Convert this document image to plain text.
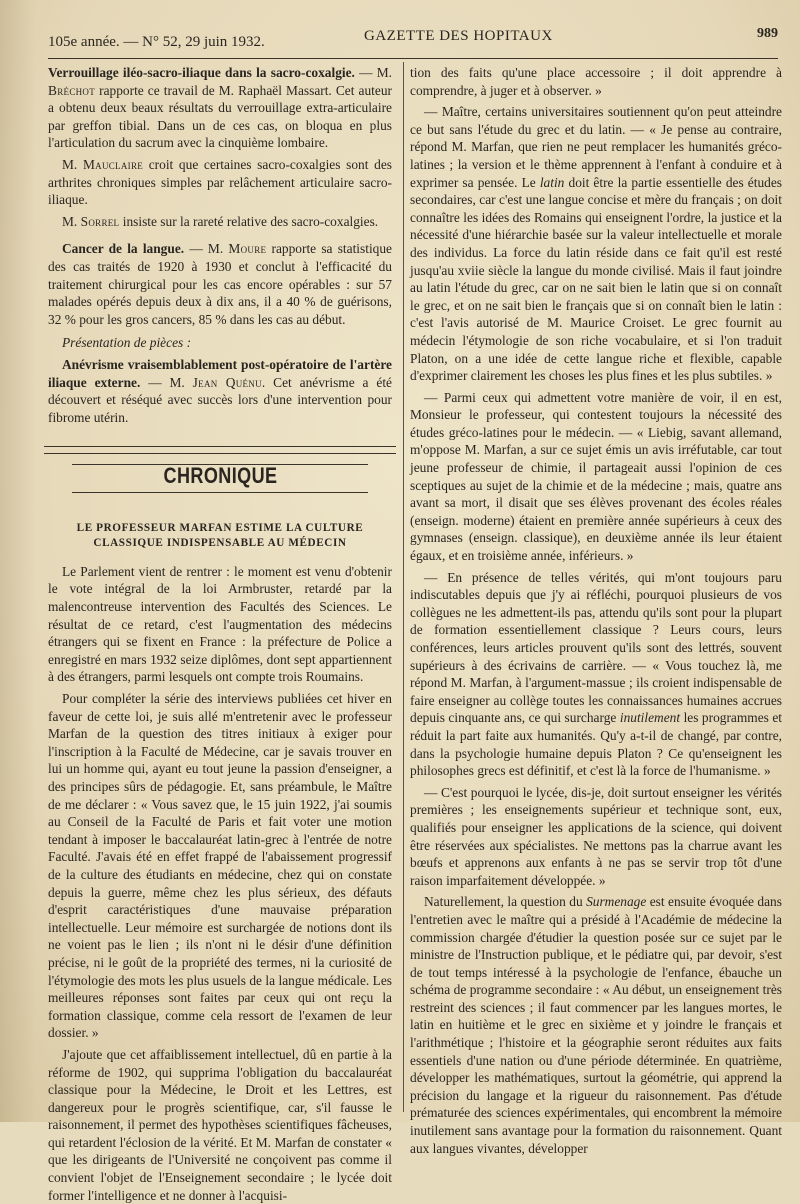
105e année. — N° 52, 29 juin 1932.	GAZETTE DES HOPITAUX	989

Verrouillage iléo-sacro-iliaque dans la sacro-coxalgie. — M. Bréchot rapporte ce travail de M. Raphaël Massart. Cet auteur a obtenu deux beaux résultats du verrouillage extra-articulaire par greffon tibial. Dans un de ces cas, on bloqua en plus l'articulation du sacrum avec la cinquième lombaire.

M. Mauclaire croit que certaines sacro-coxalgies sont des arthrites chroniques simples par relâchement articulaire sacro-iliaque.

M. Sorrel insiste sur la rareté relative des sacro-coxalgies.

Cancer de la langue. — M. Moure rapporte sa statistique des cas traités de 1920 à 1930 et conclut à l'efficacité du traitement chirurgical pour les cas encore opérables : sur 57 malades opérés depuis deux à dix ans, il a 40 % de guérisons, 32 % pour les gros cancers, 85 % dans les cas au début.

Présentation de pièces :

Anévrisme vraisemblablement post-opératoire de l'artère iliaque externe. — M. Jean Quénu. Cet anévrisme a été découvert et réséqué avec succès lors d'une intervention pour fibrome utérin.

CHRONIQUE
LE PROFESSEUR MARFAN ESTIME LA CULTURE CLASSIQUE INDISPENSABLE AU MÉDECIN

Le Parlement vient de rentrer : le moment est venu d'obtenir le vote intégral de la loi Armbruster, retardé par la malencontreuse intervention des Facultés des Sciences. Le résultat de ce retard, c'est l'augmentation des médecins étrangers qui se fixent en France : la préfecture de Police a enregistré en mars 1932 seize diplômes, dont sept appartiennent à des étrangers, parmi lesquels ont compte trois Roumains.

Pour compléter la série des interviews publiées cet hiver en faveur de cette loi, je suis allé m'entretenir avec le professeur Marfan de la question des titres initiaux à exiger pour l'inscription à la Faculté de Médecine, car je savais trouver en lui un homme qui, ayant eu tout jeune la passion d'enseigner, a des principes sûrs de pédagogie. Et, sans préambule, le Maître de me déclarer : « Vous savez que, le 15 juin 1922, j'ai soumis au Conseil de la Faculté de Paris et fait voter une motion tendant à imposer le baccalauréat latin-grec à l'entrée de notre Faculté. J'avais été en effet frappé de l'abaissement progressif de la culture des étudiants en médecine, chez qui on constate depuis la guerre, même chez les plus sérieux, des défauts d'esprit caractéristiques d'une mauvaise préparation intellectuelle. Leur mémoire est surchargée de notions dont ils ne voient pas le lien ; ils n'ont ni le désir d'une définition précise, ni le goût de la propriété des termes, ni la curiosité de l'étymologie des mots les plus usuels de la langue médicale. Les meilleures réponses sont faites par ceux qui ont reçu la formation classique, comme cela ressort de l'examen de leur dossier. »

J'ajoute que cet affaiblissement intellectuel, dû en partie à la réforme de 1902, qui supprima l'obligation du baccalauréat classique pour la Médecine, le Droit et les Lettres, est dangereux pour le progrès scientifique, car, s'il fausse le raisonnement, il permet des hypothèses scientifiques fâcheuses, qui retardent l'éclosion de la vérité. Et M. Marfan de constater « que les dirigeants de l'Université ne conçoivent pas comme il convient l'objet de l'Enseignement secondaire ; le lycée doit former l'intelligence et ne donner à l'acquisi-

tion des faits qu'une place accessoire ; il doit apprendre à comprendre, à juger et à observer. »

— Maître, certains universitaires soutiennent qu'on peut atteindre ce but sans l'étude du grec et du latin. — « Je pense au contraire, répond M. Marfan, que rien ne peut remplacer les humanités gréco-latines ; la version et le thème apprennent à l'enfant à conduire et à exprimer sa pensée. Le latin doit être la partie essentielle des études secondaires, car c'est une langue concise et mère du français ; on doit connaître les idées des Romains qui enseignent l'ordre, la justice et la nécessité d'une hiérarchie basée sur la valeur intellectuelle et morale des individus. La force du latin réside dans ce fait qu'il est resté jusqu'au xviie siècle la langue du monde civilisé. Mais il faut joindre au latin l'étude du grec, car on ne sait bien le latin que si on connaît le grec, et on ne sait bien le français que si on connaît bien le latin : c'est l'avis autorisé de M. Maurice Croiset. Le grec fournit au médecin l'étymologie de son riche vocabulaire, et si l'on traduit Platon, on a une idée de cette langue riche et flexible, capable d'exprimer clairement les choses les plus fines et les plus subtiles. »

— Parmi ceux qui admettent votre manière de voir, il en est, Monsieur le professeur, qui contestent toujours la nécessité des études gréco-latines pour le médecin. — « Liebig, savant allemand, m'oppose M. Marfan, a sur ce sujet émis un avis irréfutable, car tout jeune professeur de chimie, il partageait aussi l'opinion de ces sceptiques au sujet de la chimie et de la médecine ; mais, quatre ans avant sa mort, il disait que ses élèves provenant des écoles réales (enseign. moderne) étaient en première année supérieurs à ceux des gymnases (enseign. classique), en deuxième année ils leur étaient égaux, et en troisième année, inférieurs. »

— En présence de telles vérités, qui m'ont toujours paru indiscutables depuis que j'y ai réfléchi, pourquoi plusieurs de vos collègues ne les admettent-ils pas, attendu qu'ils sont pour la plupart de formation essentiellement classique ? Leurs cours, leurs conférences, leurs articles prouvent qu'ils sont des lettrés, souvent supérieurs à des écrivains de carrière. — « Vous touchez là, me répond M. Marfan, à l'argument-massue ; ils croient indispensable de faire enseigner au collège toutes les connaissances humaines accrues depuis cinquante ans, ce qui surcharge inutilement les programmes et réduit la part faite aux humanités. Qu'y a-t-il de changé, par contre, dans la psychologie humaine depuis Platon ? Ce qu'enseignent les philosophes grecs est définitif, et c'est là la force de l'humanisme. »

— C'est pourquoi le lycée, dis-je, doit surtout enseigner les vérités premières ; les enseignements supérieur et technique sont, eux, qualifiés pour enseigner les applications de la science, qui doivent être réservées aux spécialistes. Ne mettons pas la charrue avant les bœufs et apprenons aux enfants à ne pas se servir trop tôt d'une raison imparfaitement développée. »

Naturellement, la question du Surmenage est ensuite évoquée dans l'entretien avec le maître qui a présidé à l'Académie de médecine la commission chargée d'étudier la question posée sur ce sujet par le ministre de l'Instruction publique, et le pédiatre qui, par devoir, s'est de tout temps intéressé à la psychologie de l'enfance, ébauche un schéma de programme secondaire : « Au début, un enseignement très restreint des sciences ; il faut commencer par les langues mortes, le latin en huitième et le grec en sixième et y joindre le français et l'arithmétique ; l'histoire et la géographie seront réduites aux faits essentiels d'une nation ou d'une période déterminée. En quatrième, développer les mathématiques, surtout la géométrie, qui apprend la précision du langage et la rigueur du raisonnement. Pas d'étude prématurée des sciences expérimentales, qui encombrent la mémoire inutilement sans avantage pour la formation du raisonnement. Quant aux langues vivantes, développer
